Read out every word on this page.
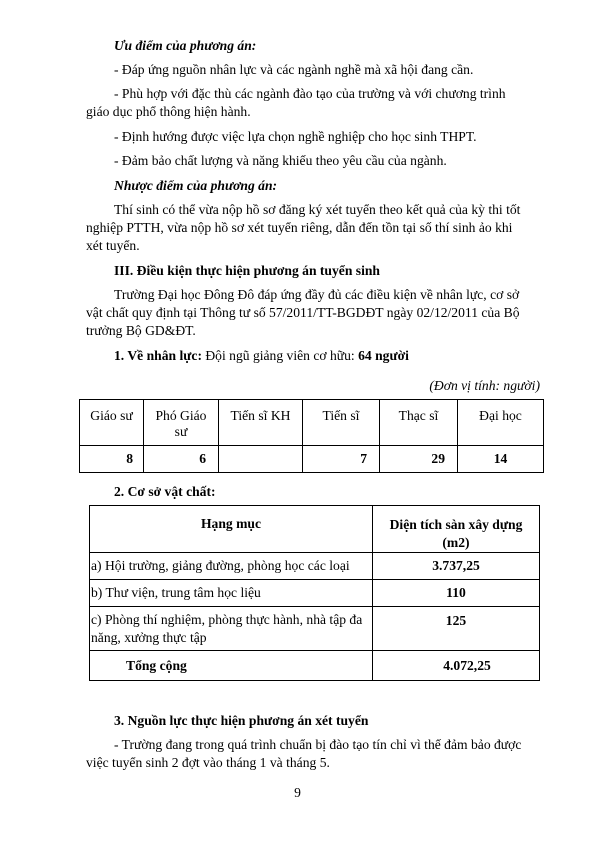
Ưu điểm của phương án:
- Đáp ứng nguồn nhân lực và các ngành nghề mà xã hội đang cần.
- Phù hợp với đặc thù các ngành đào tạo của trường và với chương trình
giáo dục phổ thông hiện hành.
- Định hướng được việc lựa chọn nghề nghiệp cho học sinh THPT.
- Đảm bảo chất lượng và năng khiếu theo yêu cầu của ngành.
Nhược điểm của phương án:
Thí sinh có thể vừa nộp hồ sơ đăng ký xét tuyển theo kết quả của kỳ thi tốt
nghiệp PTTH, vừa nộp hồ sơ xét tuyển riêng, dẫn đến tồn tại số thí sinh ảo khi
xét tuyển.
III. Điều kiện thực hiện phương án tuyển sinh
Trường Đại học Đông Đô đáp ứng đầy đủ các điều kiện về nhân lực, cơ sở
vật chất quy định tại Thông tư số 57/2011/TT-BGDĐT ngày 02/12/2011 của Bộ
trưởng Bộ GD&ĐT.
1. Về nhân lực: Đội ngũ giảng viên cơ hữu: 64 người
(Đơn vị tính: người)
Giáo sư	Phó Giáo sư	Tiến sĩ KH	Tiến sĩ	Thạc sĩ	Đại học
8	6		7	29	14
2. Cơ sở vật chất:
Hạng mục	Diện tích sàn xây dựng (m2)
a) Hội trường, giảng đường, phòng học các loại	3.737,25
b) Thư viện, trung tâm học liệu	110
c) Phòng thí nghiệm, phòng thực hành, nhà tập đa năng, xưởng thực tập	125
Tổng cộng	4.072,25
3. Nguồn lực thực hiện phương án xét tuyển
- Trường đang trong quá trình chuẩn bị đào tạo tín chỉ vì thế đảm bảo được
việc tuyển sinh 2 đợt vào tháng 1 và tháng 5.
9
